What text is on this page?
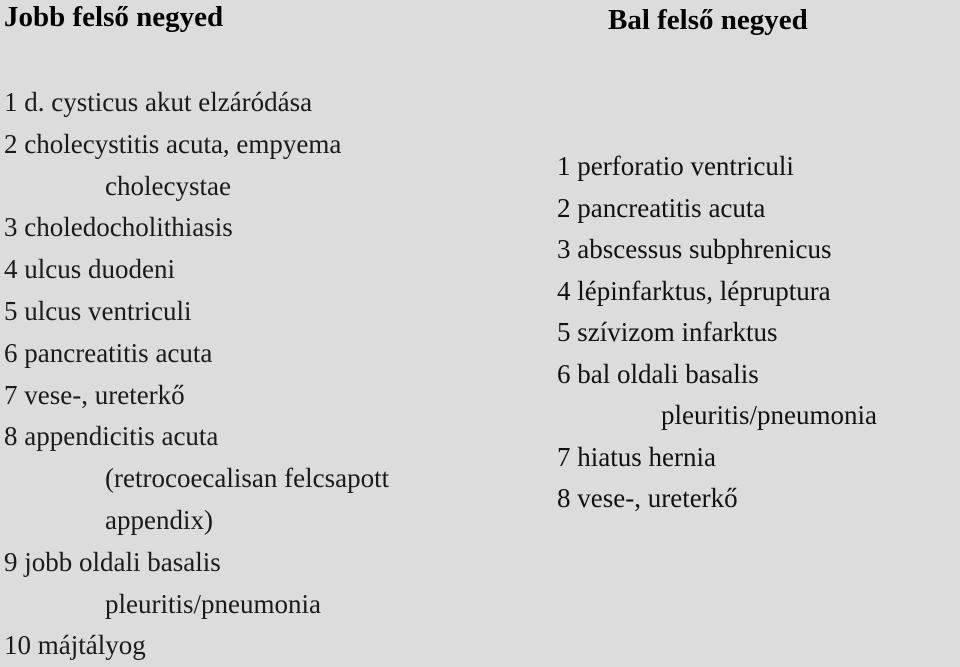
Jobb felső negyed	Bal felső negyed
1 d. cysticus akut elzáródása
2 cholecystitis acuta, empyema
cholecystae
3 choledocholithiasis
4 ulcus duodeni
5 ulcus ventriculi
6 pancreatitis acuta
7 vese-, ureterkő
8 appendicitis acuta
(retrocoecalisan felcsapott
appendix)
9 jobb oldali basalis
pleuritis/pneumonia
10 májtályog
1 perforatio ventriculi
2 pancreatitis acuta
3 abscessus subphrenicus
4 lépinfarktus, lépruptura
5 szívizom infarktus
6 bal oldali basalis
pleuritis/pneumonia
7 hiatus hernia
8 vese-, ureterkő
